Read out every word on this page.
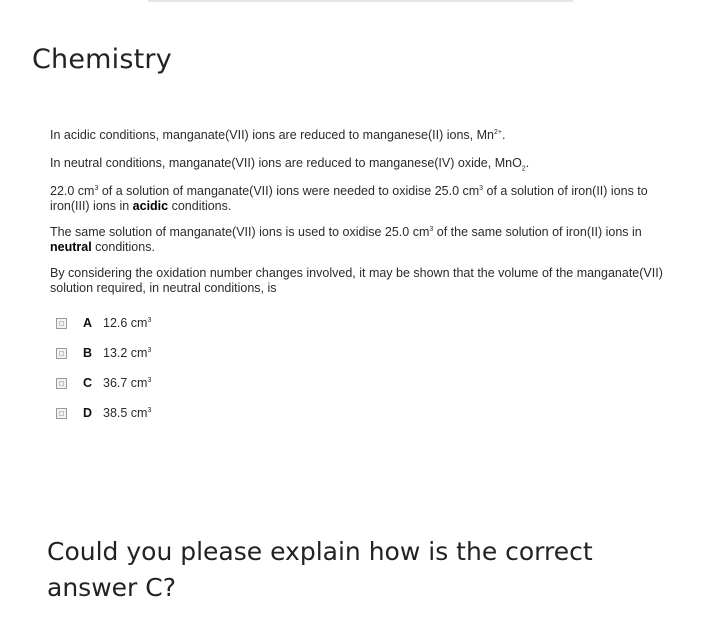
Chemistry

In acidic conditions, manganate(VII) ions are reduced to manganese(II) ions, $Mn^{2+}$.

In neutral conditions, manganate(VII) ions are reduced to manganese(IV) oxide, MnO$_2$.

22.0 $cm^3$ of a solution of manganate(VII) ions were needed to oxidise 25.0 $cm^3$ of a solution of iron(II) ions to iron(III) ions in acidic conditions.

The same solution of manganate(VII) ions is used to oxidise 25.0 $cm^3$ of the same solution of iron(II) ions in neutral conditions.

By considering the oxidation number changes involved, it may be shown that the volume of the manganate(VII) solution required, in neutral conditions, is

A 12.6 $cm^3$
B 13.2 $cm^3$
C 36.7 $cm^3$
D 38.5 $cm^3$
Could you please explain how is the correct answer C?
